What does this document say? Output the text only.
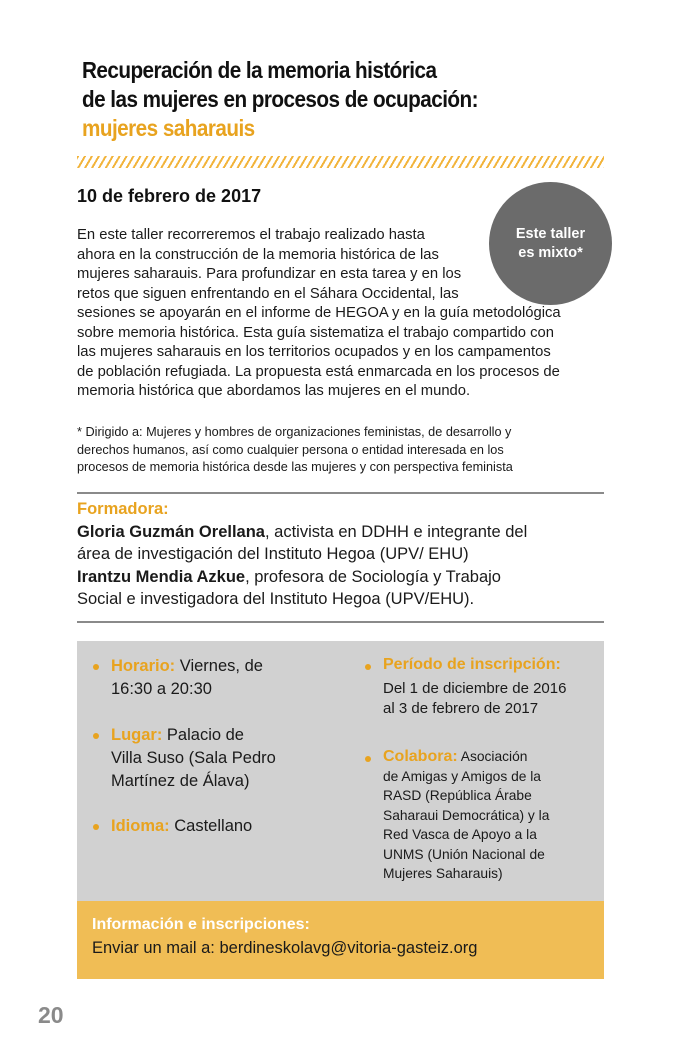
Recuperación de la memoria histórica
de las mujeres en procesos de ocupación:
mujeres saharauis
10 de febrero de 2017
Este taller
es mixto*
En este taller recorreremos el trabajo realizado hasta
ahora en la construcción de la memoria histórica de las
mujeres saharauis. Para profundizar en esta tarea y en los
retos que siguen enfrentando en el Sáhara Occidental, las
sesiones se apoyarán en el informe de HEGOA y en la guía metodológica
sobre memoria histórica. Esta guía sistematiza el trabajo compartido con
las mujeres saharauis en los territorios ocupados y en los campamentos
de población refugiada. La propuesta está enmarcada en los procesos de
memoria histórica que abordamos las mujeres en el mundo.
* Dirigido a: Mujeres y hombres de organizaciones feministas, de desarrollo y
derechos humanos, así como cualquier persona o entidad interesada en los
procesos de memoria histórica desde las mujeres y con perspectiva feminista
Formadora:
Gloria Guzmán Orellana, activista en DDHH e integrante del
área de investigación del Instituto Hegoa (UPV/ EHU)
Irantzu Mendia Azkue, profesora de Sociología y Trabajo
Social e investigadora del Instituto Hegoa (UPV/EHU).
Horario: Viernes, de
16:30 a 20:30
Lugar: Palacio de
Villa Suso (Sala Pedro
Martínez de Álava)
Idioma: Castellano
Período de inscripción:
Del 1 de diciembre de 2016
al 3 de febrero de 2017
Colabora: Asociación
de Amigas y Amigos de la
RASD (República Árabe
Saharaui Democrática) y la
Red Vasca de Apoyo a la
UNMS (Unión Nacional de
Mujeres Saharauis)
Información e inscripciones:
Enviar un mail a: berdineskolavg@vitoria-gasteiz.org
20
